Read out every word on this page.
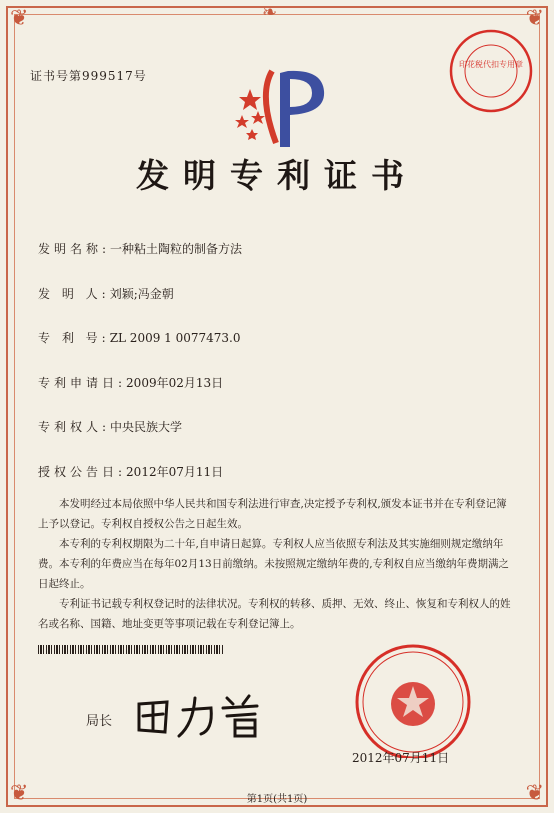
❦	❦
❦	❦
❧
证书号第999517号
印花税代扣专用章
发明专利证书
发明名称:一种粘土陶粒的制备方法
发 明 人:刘颖;冯金朝
专 利 号:ZL 2009 1 0077473.0
专利申请日:2009年02月13日
专利权人:中央民族大学
授权公告日:2012年07月11日

本发明经过本局依照中华人民共和国专利法进行审查,决定授予专利权,颁发本证书并在专利登记簿上予以登记。专利权自授权公告之日起生效。

本专利的专利权期限为二十年,自申请日起算。专利权人应当依照专利法及其实施细则规定缴纳年费。本专利的年费应当在每年02月13日前缴纳。未按照规定缴纳年费的,专利权自应当缴纳年费期满之日起终止。

专利证书记载专利权登记时的法律状况。专利权的转移、质押、无效、终止、恢复和专利权人的姓名或名称、国籍、地址变更等事项记载在专利登记簿上。

局长
2012年07月11日
第1页(共1页)
